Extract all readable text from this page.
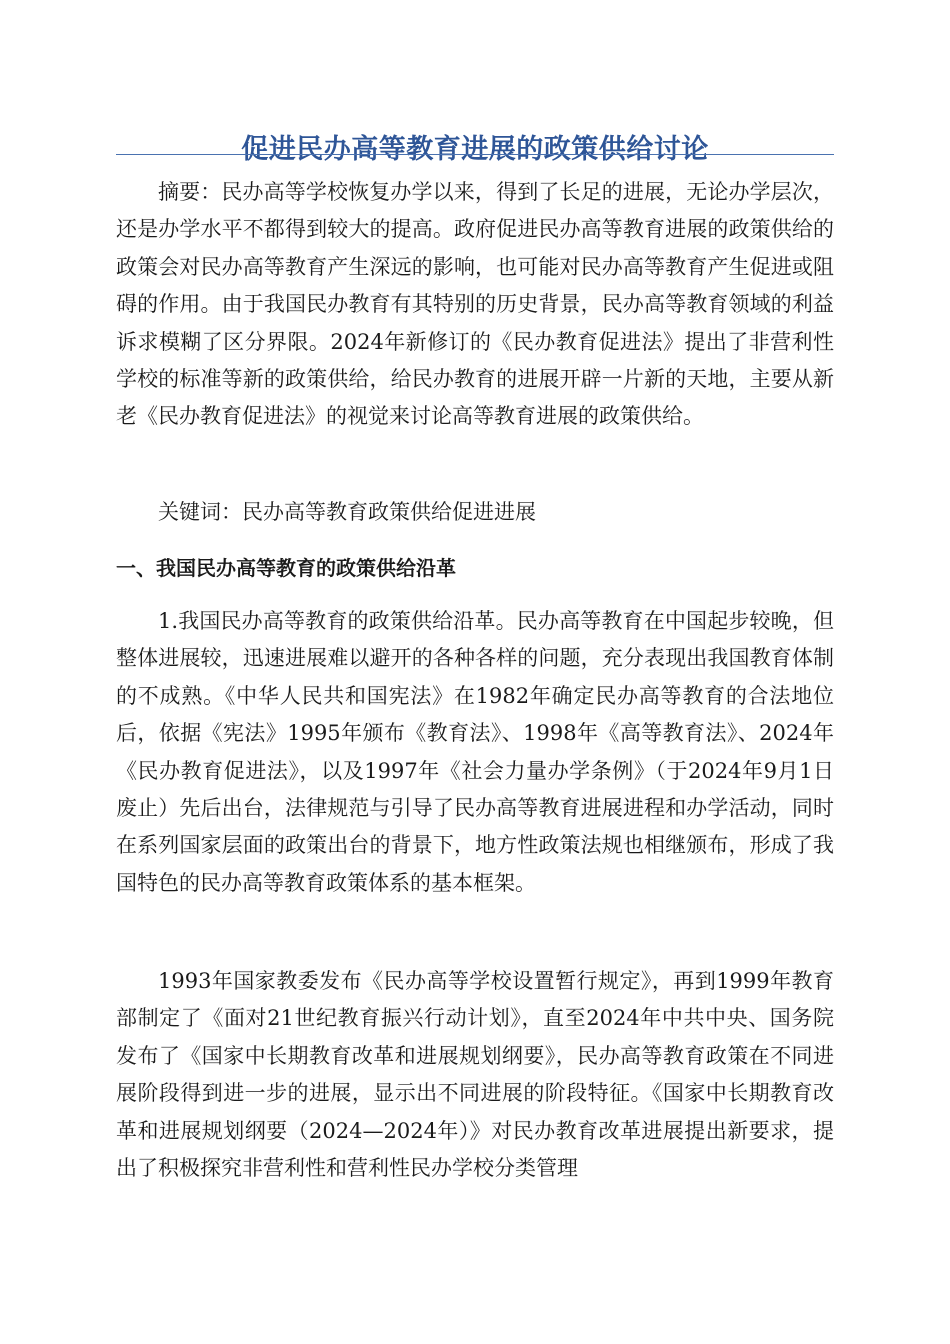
促进民办高等教育进展的政策供给讨论

摘要：民办高等学校恢复办学以来，得到了长足的进展，无论办学层次，还是办学水平不都得到较大的提高。政府促进民办高等教育进展的政策供给的政策会对民办高等教育产生深远的影响，也可能对民办高等教育产生促进或阻碍的作用。由于我国民办教育有其特别的历史背景，民办高等教育领域的利益诉求模糊了区分界限。2024年新修订的《民办教育促进法》提出了非营利性学校的标准等新的政策供给，给民办教育的进展开辟一片新的天地，主要从新老《民办教育促进法》的视觉来讨论高等教育进展的政策供给。

关键词：民办高等教育政策供给促进进展

一、我国民办高等教育的政策供给沿革

1.我国民办高等教育的政策供给沿革。民办高等教育在中国起步较晚，但整体进展较，迅速进展难以避开的各种各样的问题，充分表现出我国教育体制的不成熟。《中华人民共和国宪法》在1982年确定民办高等教育的合法地位后，依据《宪法》1995年颁布《教育法》、1998年《高等教育法》、2024年《民办教育促进法》，以及1997年《社会力量办学条例》（于2024年9月1日废止）先后出台，法律规范与引导了民办高等教育进展进程和办学活动，同时在系列国家层面的政策出台的背景下，地方性政策法规也相继颁布，形成了我国特色的民办高等教育政策体系的基本框架。

1993年国家教委发布《民办高等学校设置暂行规定》，再到1999年教育部制定了《面对21世纪教育振兴行动计划》，直至2024年中共中央、国务院发布了《国家中长期教育改革和进展规划纲要》，民办高等教育政策在不同进展阶段得到进一步的进展，显示出不同进展的阶段特征。《国家中长期教育改革和进展规划纲要（2024—2024年）》对民办教育改革进展提出新要求，提出了积极探究非营利性和营利性民办学校分类管理
